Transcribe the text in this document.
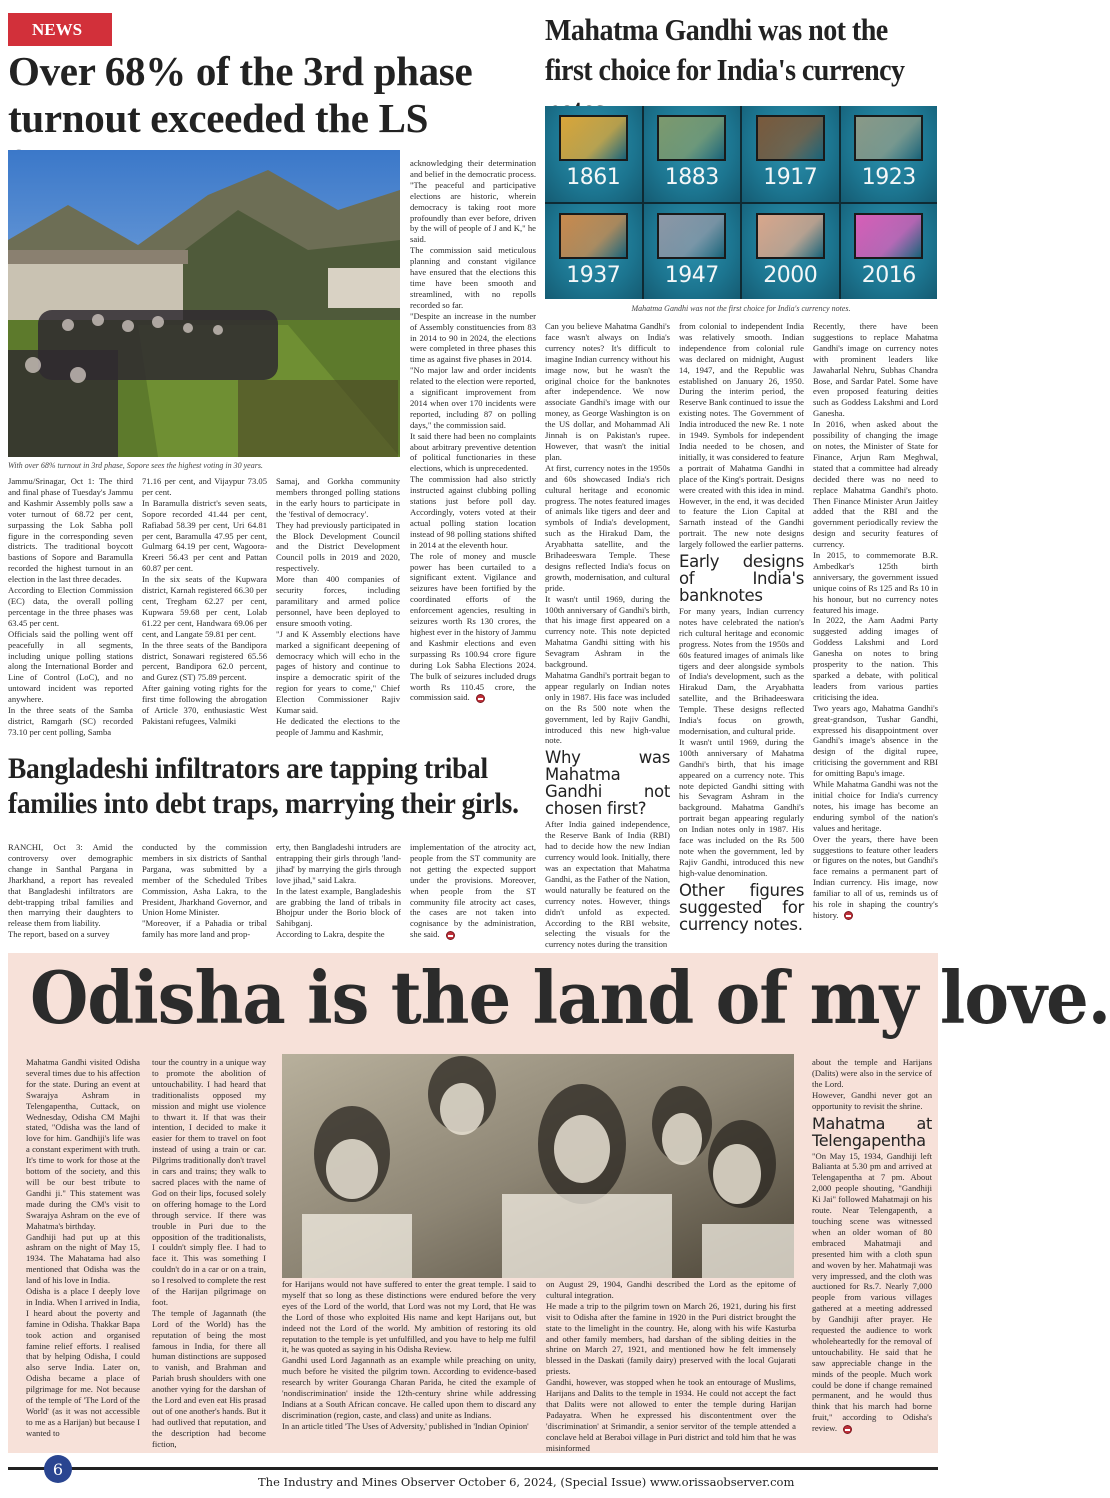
NEWS
Over 68% of the 3rd phase turnout exceeded the LS
With over 68% turnout in 3rd phase, Sopore sees the highest voting in 30 years.

Jammu/Srinagar, Oct 1: The third and final phase of Tuesday's Jammu and Kashmir Assembly polls saw a voter turnout of 68.72 per cent, surpassing the Lok Sabha poll figure in the corresponding seven districts. The traditional boycott bastions of Sopore and Baramulla recorded the highest turnout in an election in the last three decades.

According to Election Commission (EC) data, the overall polling percentage in the three phases was 63.45 per cent.

Officials said the polling went off peacefully in all segments, including unique polling stations along the International Border and Line of Control (LoC), and no untoward incident was reported anywhere.

In the three seats of the Samba district, Ramgarh (SC) recorded 73.10 per cent polling, Samba

71.16 per cent, and Vijaypur 73.05 per cent.

In Baramulla district's seven seats, Sopore recorded 41.44 per cent, Rafiabad 58.39 per cent, Uri 64.81 per cent, Baramulla 47.95 per cent, Gulmarg 64.19 per cent, Wagoora-Kreeri 56.43 per cent and Pattan 60.87 per cent.

In the six seats of the Kupwara district, Karnah registered 66.30 per cent, Tregham 62.27 per cent, Kupwara 59.68 per cent, Lolab 61.22 per cent, Handwara 69.06 per cent, and Langate 59.81 per cent.

In the three seats of the Bandipora district, Sonawari registered 65.56 percent, Bandipora 62.0 percent, and Gurez (ST) 75.89 percent.

After gaining voting rights for the first time following the abrogation of Article 370, enthusiastic West Pakistani refugees, Valmiki

Samaj, and Gorkha community members thronged polling stations in the early hours to participate in the 'festival of democracy'.

They had previously participated in the Block Development Council and the District Development Council polls in 2019 and 2020, respectively.

More than 400 companies of security forces, including paramilitary and armed police personnel, have been deployed to ensure smooth voting.

"J and K Assembly elections have marked a significant deepening of democracy which will echo in the pages of history and continue to inspire a democratic spirit of the region for years to come," Chief Election Commissioner Rajiv Kumar said.

He dedicated the elections to the people of Jammu and Kashmir,

acknowledging their determination and belief in the democratic process.

"The peaceful and participative elections are historic, wherein democracy is taking root more profoundly than ever before, driven by the will of people of J and K," he said.

The commission said meticulous planning and constant vigilance have ensured that the elections this time have been smooth and streamlined, with no repolls recorded so far.

"Despite an increase in the number of Assembly constituencies from 83 in 2014 to 90 in 2024, the elections were completed in three phases this time as against five phases in 2014.

"No major law and order incidents related to the election were reported, a significant improvement from 2014 when over 170 incidents were reported, including 87 on polling days," the commission said.

It said there had been no complaints about arbitrary preventive detention of political functionaries in these elections, which is unprecedented.

The commission had also strictly instructed against clubbing polling stations just before poll day. Accordingly, voters voted at their actual polling station location instead of 98 polling stations shifted in 2014 at the eleventh hour.

The role of money and muscle power has been curtailed to a significant extent. Vigilance and seizures have been fortified by the coordinated efforts of the enforcement agencies, resulting in seizures worth Rs 130 crores, the highest ever in the history of Jammu and Kashmir elections and even surpassing Rs 100.94 crore figure during Lok Sabha Elections 2024. The bulk of seizures included drugs worth Rs 110.45 crore, the commission said.

Mahatma Gandhi was not the first choice for India's currency
1861 1883 1917 1923
1937 1947 2000 2016
Mahatma Gandhi was not the first choice for India's currency notes.

Can you believe Mahatma Gandhi's face wasn't always on India's currency notes? It's difficult to imagine Indian currency without his image now, but he wasn't the original choice for the banknotes after independence. We now associate Gandhi's image with our money, as George Washington is on the US dollar, and Mohammad Ali Jinnah is on Pakistan's rupee. However, that wasn't the initial plan.

At first, currency notes in the 1950s and 60s showcased India's rich cultural heritage and economic progress. The notes featured images of animals like tigers and deer and symbols of India's development, such as the Hirakud Dam, the Aryabhatta satellite, and the Brihadeeswara Temple. These designs reflected India's focus on growth, modernisation, and cultural pride.

It wasn't until 1969, during the 100th anniversary of Gandhi's birth, that his image first appeared on a currency note. This note depicted Mahatma Gandhi sitting with his Sevagram Ashram in the background.

Mahatma Gandhi's portrait began to appear regularly on Indian notes only in 1987. His face was included on the Rs 500 note when the government, led by Rajiv Gandhi, introduced this new high-value note.

Why was Mahatma Gandhi not chosen first?

After India gained independence, the Reserve Bank of India (RBI) had to decide how the new Indian currency would look. Initially, there was an expectation that Mahatma Gandhi, as the Father of the Nation, would naturally be featured on the currency notes. However, things didn't unfold as expected. According to the RBI website, selecting the visuals for the currency notes during the transition

from colonial to independent India was relatively smooth. Indian independence from colonial rule was declared on midnight, August 14, 1947, and the Republic was established on January 26, 1950. During the interim period, the Reserve Bank continued to issue the existing notes. The Government of India introduced the new Re. 1 note in 1949. Symbols for independent India needed to be chosen, and initially, it was considered to feature a portrait of Mahatma Gandhi in place of the King's portrait. Designs were created with this idea in mind. However, in the end, it was decided to feature the Lion Capital at Sarnath instead of the Gandhi portrait. The new note designs largely followed the earlier patterns.

Early designs of India's banknotes

For many years, Indian currency notes have celebrated the nation's rich cultural heritage and economic progress. Notes from the 1950s and 60s featured images of animals like tigers and deer alongside symbols of India's development, such as the Hirakud Dam, the Aryabhatta satellite, and the Brihadeeswara Temple. These designs reflected India's focus on growth, modernisation, and cultural pride.

It wasn't until 1969, during the 100th anniversary of Mahatma Gandhi's birth, that his image appeared on a currency note. This note depicted Gandhi sitting with his Sevagram Ashram in the background. Mahatma Gandhi's portrait began appearing regularly on Indian notes only in 1987. His face was included on the Rs 500 note when the government, led by Rajiv Gandhi, introduced this new high-value denomination.

Other figures suggested for currency notes.

Recently, there have been suggestions to replace Mahatma Gandhi's image on currency notes with prominent leaders like Jawaharlal Nehru, Subhas Chandra Bose, and Sardar Patel. Some have even proposed featuring deities such as Goddess Lakshmi and Lord Ganesha.

In 2016, when asked about the possibility of changing the image on notes, the Minister of State for Finance, Arjun Ram Meghwal, stated that a committee had already decided there was no need to replace Mahatma Gandhi's photo. Then Finance Minister Arun Jaitley added that the RBI and the government periodically review the design and security features of currency.

In 2015, to commemorate B.R. Ambedkar's 125th birth anniversary, the government issued unique coins of Rs 125 and Rs 10 in his honour, but no currency notes featured his image.

In 2022, the Aam Aadmi Party suggested adding images of Goddess Lakshmi and Lord Ganesha on notes to bring prosperity to the nation. This sparked a debate, with political leaders from various parties criticising the idea.

Two years ago, Mahatma Gandhi's great-grandson, Tushar Gandhi, expressed his disappointment over Gandhi's image's absence in the design of the digital rupee, criticising the government and RBI for omitting Bapu's image.

While Mahatma Gandhi was not the initial choice for India's currency notes, his image has become an enduring symbol of the nation's values and heritage.

Over the years, there have been suggestions to feature other leaders or figures on the notes, but Gandhi's face remains a permanent part of Indian currency. His image, now familiar to all of us, reminds us of his role in shaping the country's history.

Bangladeshi infiltrators are tapping tribal
families into debt traps, marrying their girls.

RANCHI, Oct 3: Amid the controversy over demographic change in Santhal Pargana in Jharkhand, a report has revealed that Bangladeshi infiltrators are debt-trapping tribal families and then marrying their daughters to release them from liability.

The report, based on a survey

conducted by the commission members in six districts of Santhal Pargana, was submitted by a member of the Scheduled Tribes Commission, Asha Lakra, to the President, Jharkhand Governor, and Union Home Minister.

"Moreover, if a Pahadia or tribal family has more land and prop-

erty, then Bangladeshi intruders are entrapping their girls through 'land-jihad' by marrying the girls through love jihad," said Lakra.

In the latest example, Bangladeshis are grabbing the land of tribals in Bhojpur under the Borio block of Sahibganj.

According to Lakra, despite the

implementation of the atrocity act, people from the ST community are not getting the expected support under the provisions. Moreover, when people from the ST community file atrocity act cases, the cases are not taken into cognisance by the administration, she said.

Odisha is the land of my love.

Mahatma Gandhi visited Odisha several times due to his affection for the state. During an event at Swarajya Ashram in Telengapentha, Cuttack, on Wednesday, Odisha CM Majhi stated, "Odisha was the land of love for him. Gandhiji's life was a constant experiment with truth. It's time to work for those at the bottom of the society, and this will be our best tribute to Gandhi ji." This statement was made during the CM's visit to Swarajya Ashram on the eve of Mahatma's birthday.

Gandhiji had put up at this ashram on the night of May 15, 1934. The Mahatama had also mentioned that Odisha was the land of his love in India.

Odisha is a place I deeply love in India. When I arrived in India, I heard about the poverty and famine in Odisha. Thakkar Bapa took action and organised famine relief efforts. I realised that by helping Odisha, I could also serve India. Later on, Odisha became a place of pilgrimage for me. Not because of the temple of 'The Lord of the World' (as it was not accessible to me as a Harijan) but because I wanted to

tour the country in a unique way to promote the abolition of untouchability. I had heard that traditionalists opposed my mission and might use violence to thwart it. If that was their intention, I decided to make it easier for them to travel on foot instead of using a train or car. Pilgrims traditionally don't travel in cars and trains; they walk to sacred places with the name of God on their lips, focused solely on offering homage to the Lord through service. If there was trouble in Puri due to the opposition of the traditionalists, I couldn't simply flee. I had to face it. This was something I couldn't do in a car or on a train, so I resolved to complete the rest of the Harijan pilgrimage on foot.

The temple of Jagannath (the Lord of the World) has the reputation of being the most famous in India, for there all human distinctions are supposed to vanish, and Brahman and Pariah brush shoulders with one another vying for the darshan of the Lord and even eat His prasad out of one another's hands. But it had outlived that reputation, and the description had become fiction,

for Harijans would not have suffered to enter the great temple. I said to myself that so long as these distinctions were endured before the very eyes of the Lord of the world, that Lord was not my Lord, that He was the Lord of those who exploited His name and kept Harijans out, but indeed not the Lord of the world. My ambition of restoring its old reputation to the temple is yet unfulfilled, and you have to help me fulfil it, he was quoted as saying in his Odisha Review.

Gandhi used Lord Jagannath as an example while preaching on unity, much before he visited the pilgrim town. According to evidence-based research by writer Gouranga Charan Parida, he cited the example of 'nondiscrimination' inside the 12th-century shrine while addressing Indians at a South African concave. He called upon them to discard any discrimination (region, caste, and class) and unite as Indians.

In an article titled 'The Uses of Adversity,' published in 'Indian Opinion'

on August 29, 1904, Gandhi described the Lord as the epitome of cultural integration.

He made a trip to the pilgrim town on March 26, 1921, during his first visit to Odisha after the famine in 1920 in the Puri district brought the state to the limelight in the country. He, along with his wife Kasturba and other family members, had darshan of the sibling deities in the shrine on March 27, 1921, and mentioned how he felt immensely blessed in the Daskati (family dairy) preserved with the local Gujarati priests.

Gandhi, however, was stopped when he took an entourage of Muslims, Harijans and Dalits to the temple in 1934. He could not accept the fact that Dalits were not allowed to enter the temple during Harijan Padayatra. When he expressed his discontentment over the 'discrimination' at Srimandir, a senior servitor of the temple attended a conclave held at Beraboi village in Puri district and told him that he was misinformed

about the temple and Harijans (Dalits) were also in the service of the Lord.

However, Gandhi never got an opportunity to revisit the shrine.

Mahatma at Telengapentha

"On May 15, 1934, Gandhiji left Balianta at 5.30 pm and arrived at Telengapentha at 7 pm. About 2,000 people shouting, "Gandhiji Ki Jai" followed Mahatmaji on his route. Near Telengapenth, a touching scene was witnessed when an older woman of 80 embraced Mahatmaji and presented him with a cloth spun and woven by her. Mahatmaji was very impressed, and the cloth was auctioned for Rs.7. Nearly 7,000 people from various villages gathered at a meeting addressed by Gandhiji after prayer. He requested the audience to work wholeheartedly for the removal of untouchability. He said that he saw appreciable change in the minds of the people. Much work could be done if change remained permanent, and he would thus think that his march had borne fruit," according to Odisha's review.

6
The Industry and Mines Observer October 6, 2024, (Special Issue) www.orissaobserver.com
